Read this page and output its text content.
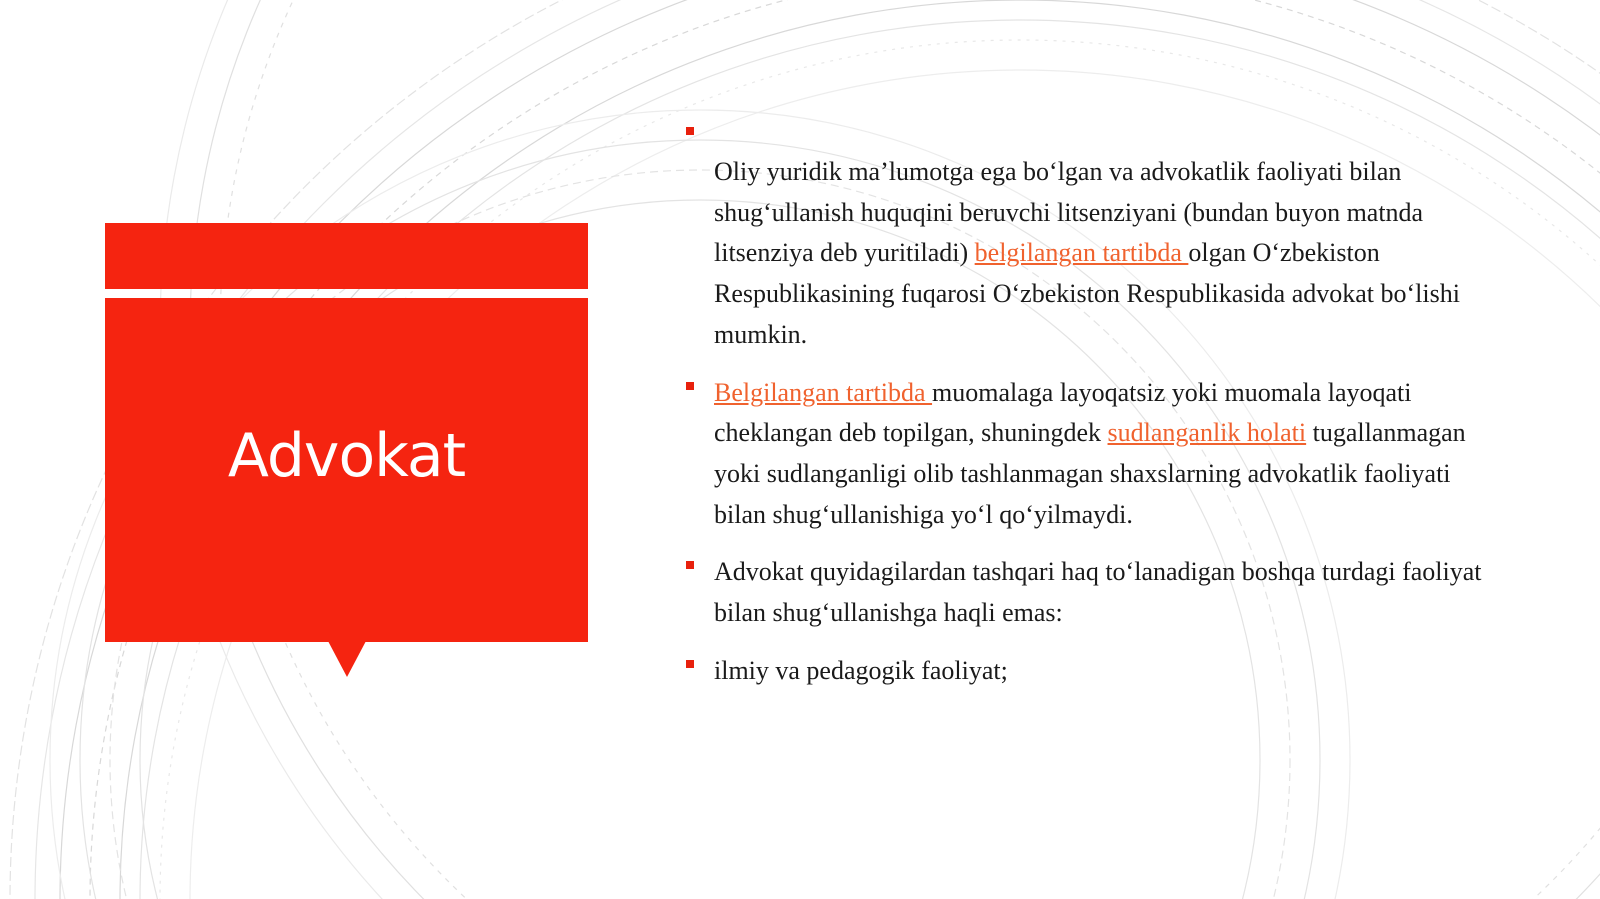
Advokat
Oliy yuridik ma’lumotga ega bo‘lgan va advokatlik faoliyati bilan shug‘ullanish huquqini beruvchi litsenziyani (bundan buyon matnda litsenziya deb yuritiladi) belgilangan tartibda olgan O‘zbekiston Respublikasining fuqarosi O‘zbekiston Respublikasida advokat bo‘lishi mumkin.
Belgilangan tartibda muomalaga layoqatsiz yoki muomala layoqati cheklangan deb topilgan, shuningdek sudlanganlik holati tugallanmagan yoki sudlanganligi olib tashlanmagan shaxslarning advokatlik faoliyati bilan shug‘ullanishiga yo‘l qo‘yilmaydi.
Advokat quyidagilardan tashqari haq to‘lanadigan boshqa turdagi faoliyat bilan shug‘ullanishga haqli emas:
ilmiy va pedagogik faoliyat;
